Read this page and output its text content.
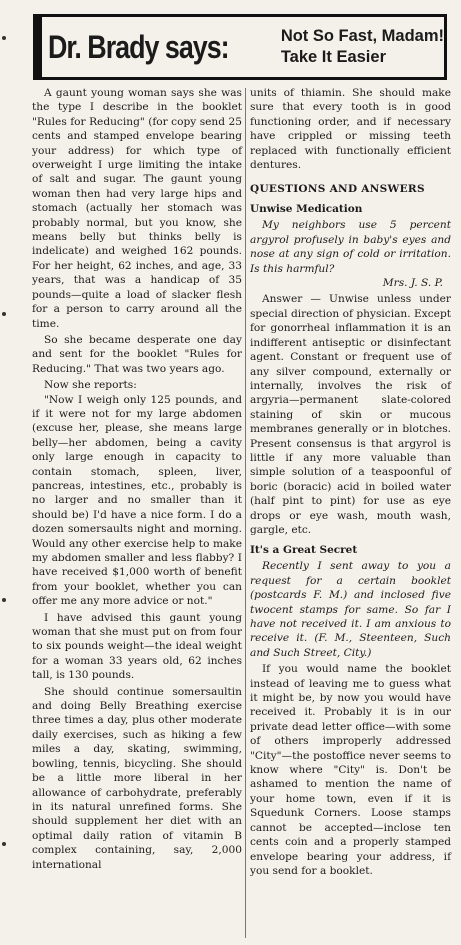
Dr. Brady says:	Not So Fast, Madam!
Take It Easier

A gaunt young woman says she was the type I describe in the booklet "Rules for Reducing" (for copy send 25 cents and stamped envelope bearing your address) for which type of overweight I urge limiting the intake of salt and sugar. The gaunt young woman then had very large hips and stomach (actually her stomach was probably normal, but you know, she means belly but thinks belly is indelicate) and weighed 162 pounds. For her height, 62 inches, and age, 33 years, that was a handicap of 35 pounds—quite a load of slacker flesh for a person to carry around all the time.

So she became desperate one day and sent for the booklet "Rules for Reducing." That was two years ago.

Now she reports:

"Now I weigh only 125 pounds, and if it were not for my large abdomen (excuse her, please, she means large belly—her abdomen, being a cavity only large enough in capacity to contain stomach, spleen, liver, pancreas, intestines, etc., probably is no larger and no smaller than it should be) I'd have a nice form. I do a dozen somersaults night and morning. Would any other exercise help to make my abdomen smaller and less flabby? I have received $1,000 worth of benefit from your booklet, whether you can offer me any more advice or not."

I have advised this gaunt young woman that she must put on from four to six pounds weight—the ideal weight for a woman 33 years old, 62 inches tall, is 130 pounds.

She should continue somersaultin and doing Belly Breathing exercise three times a day, plus other moderate daily exercises, such as hiking a few miles a day, skating, swimming, bowling, tennis, bicycling. She should be a little more liberal in her allowance of carbohydrate, preferably in its natural unrefined forms. She should supplement her diet with an optimal daily ration of vitamin B complex containing, say, 2,000 international

units of thiamin. She should make sure that every tooth is in good functioning order, and if necessary have crippled or missing teeth replaced with functionally efficient dentures.

QUESTIONS AND ANSWERS
Unwise Medication

My neighbors use 5 percent argyrol profusely in baby's eyes and nose at any sign of cold or irritation. Is this harmful?

Mrs. J. S. P.

Answer — Unwise unless under special direction of physician. Except for gonorrheal inflammation it is an indifferent antiseptic or disinfectant agent. Constant or frequent use of any silver compound, externally or internally, involves the risk of argyria—permanent slate-colored staining of skin or mucous membranes generally or in blotches. Present consensus is that argyrol is little if any more valuable than simple solution of a teaspoonful of boric (boracic) acid in boiled water (half pint to pint) for use as eye drops or eye wash, mouth wash, gargle, etc.

It's a Great Secret

Recently I sent away to you a request for a certain booklet (postcards F. M.) and inclosed five twocent stamps for same. So far I have not received it. I am anxious to receive it. (F. M., Steenteen, Such and Such Street, City.)

If you would name the booklet instead of leaving me to guess what it might be, by now you would have received it. Probably it is in our private dead letter office—with some of others improperly addressed "City"—the postoffice never seems to know where "City" is. Don't be ashamed to mention the name of your home town, even if it is Squedunk Corners. Loose stamps cannot be accepted—inclose ten cents coin and a properly stamped envelope bearing your address, if you send for a booklet.
